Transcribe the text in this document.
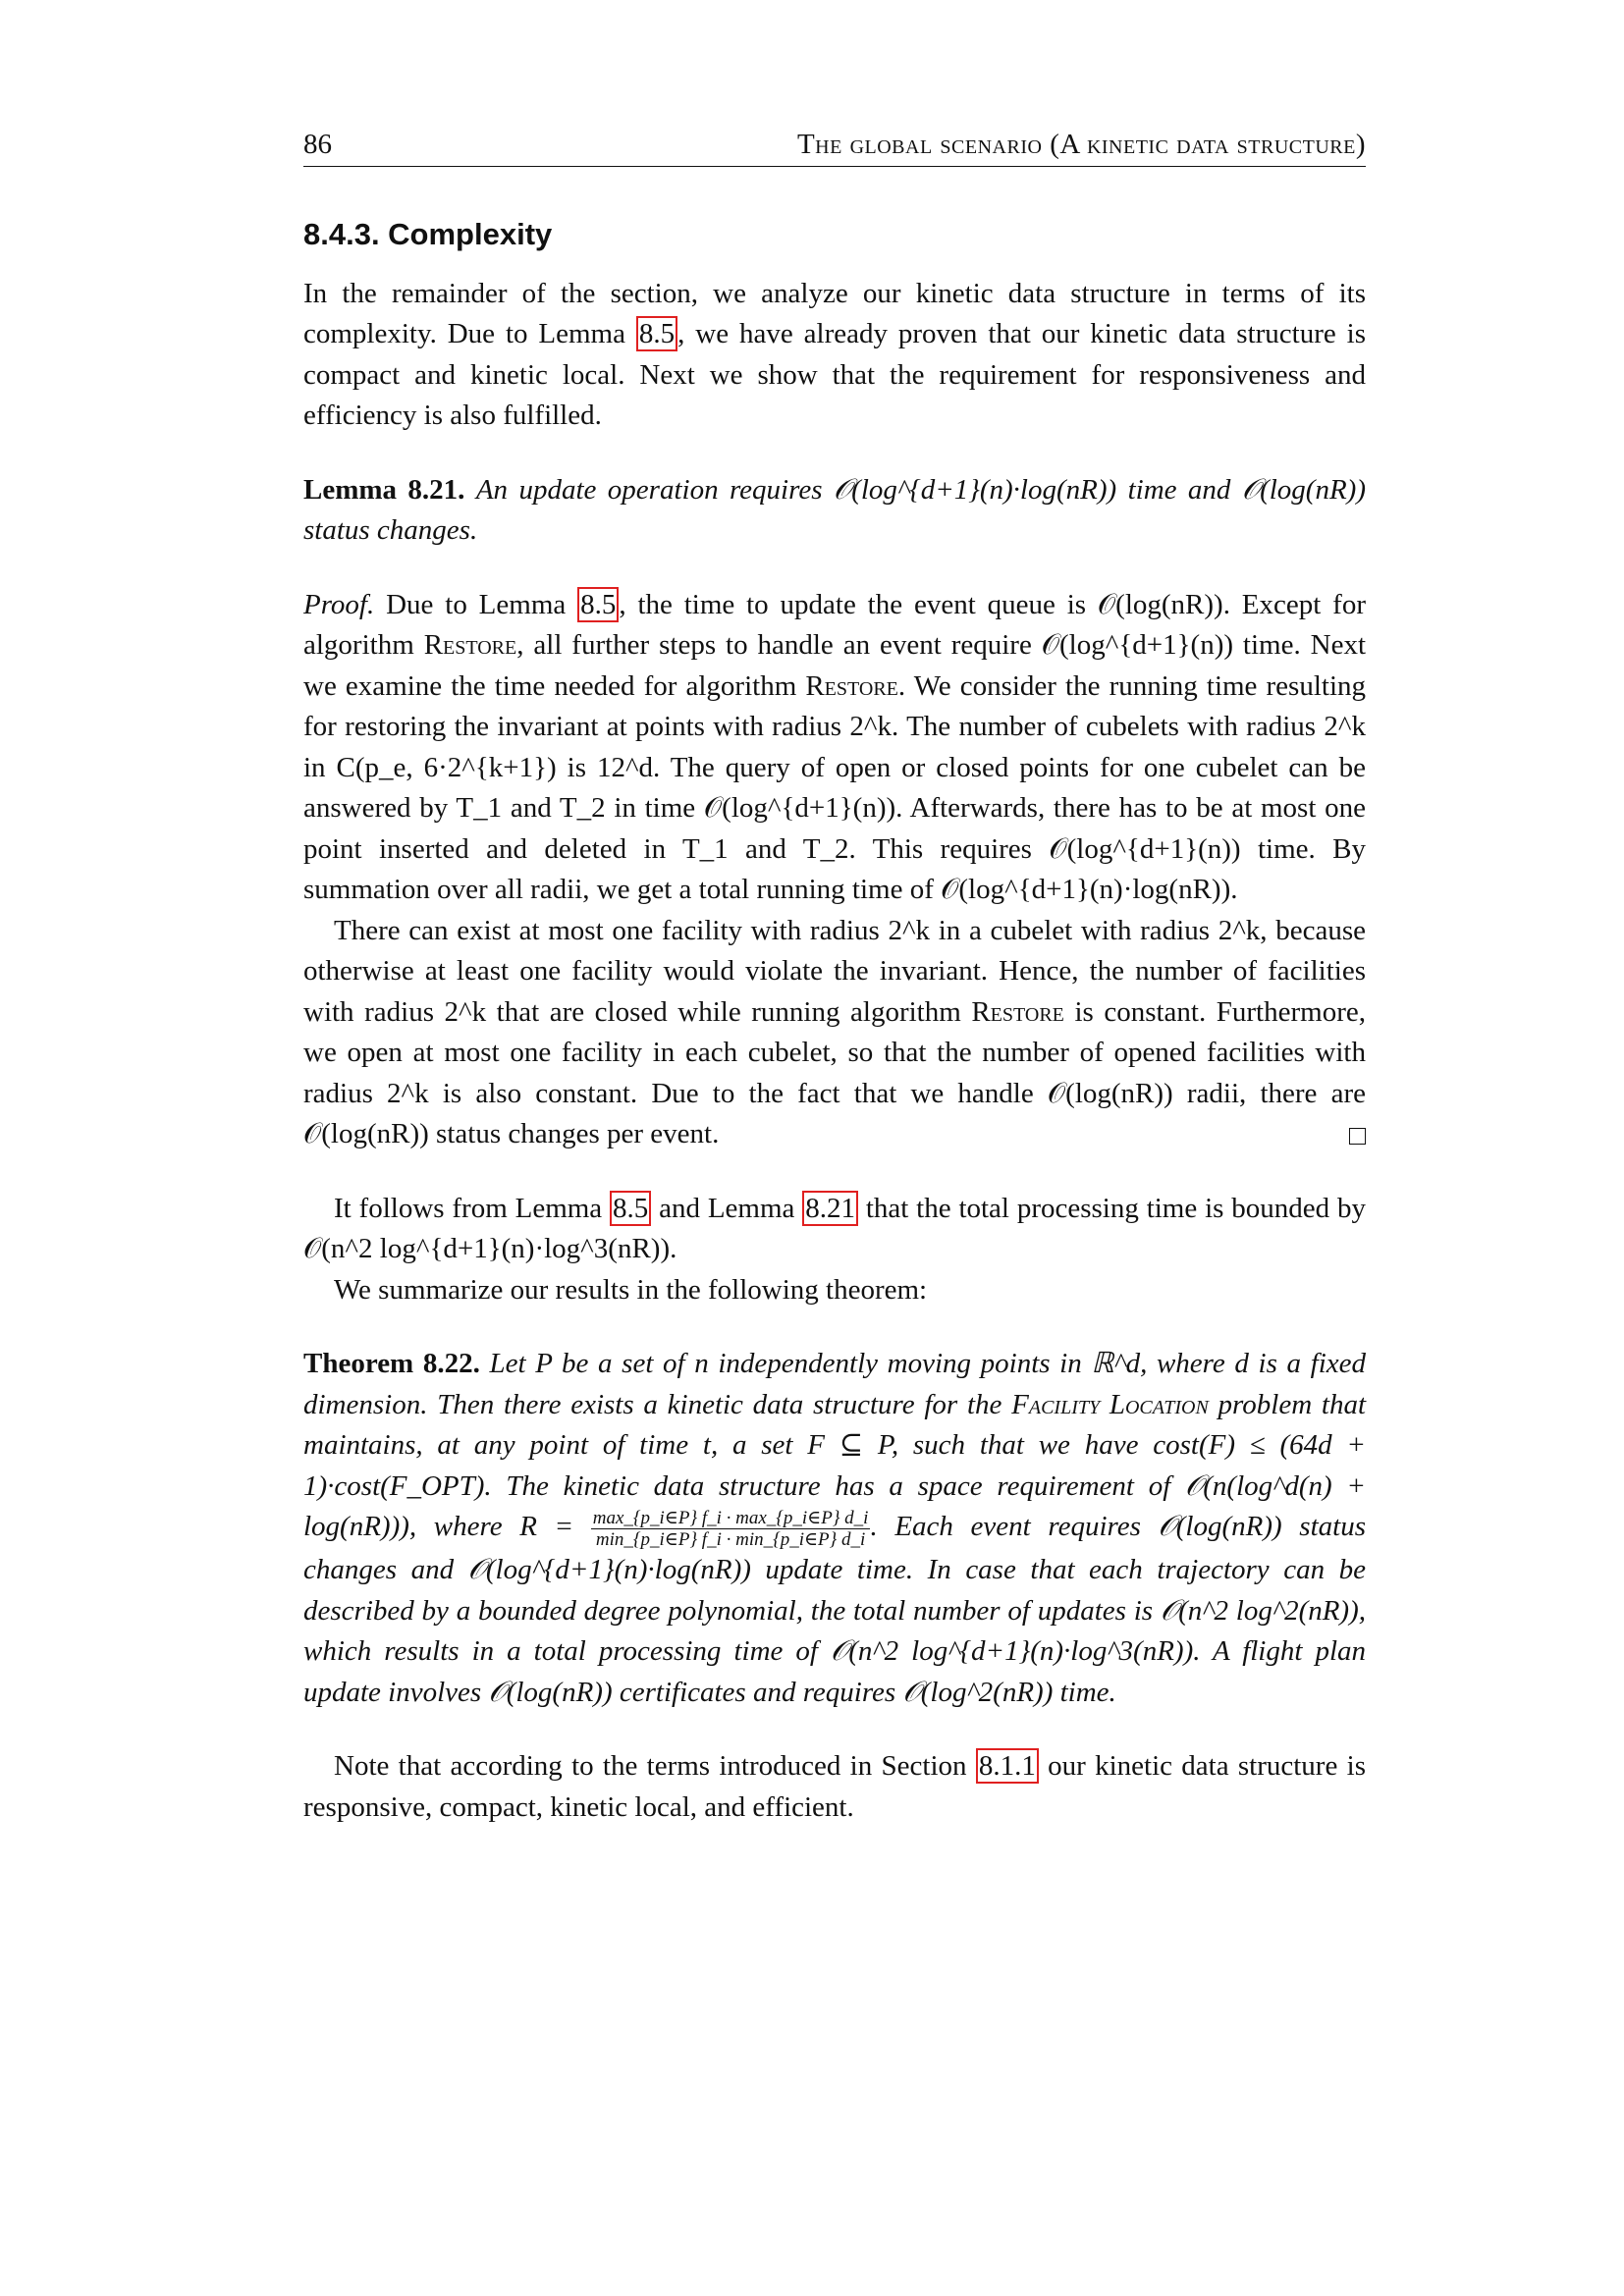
86	The global scenario (A kinetic data structure)
8.4.3. Complexity

In the remainder of the section, we analyze our kinetic data structure in terms of its complexity. Due to Lemma 8.5 , we have already proven that our kinetic data structure is compact and kinetic local. Next we show that the requirement for responsiveness and efficiency is also fulfilled.

Lemma 8.21. An update operation requires 𝒪(log^{d+1}(n)·log(nR)) time and 𝒪(log(nR)) status changes.

Proof. Due to Lemma 8.5 , the time to update the event queue is 𝒪(log(nR)). Except for algorithm Restore, all further steps to handle an event require 𝒪(log^{d+1}(n)) time. Next we examine the time needed for algorithm Restore. We consider the running time resulting for restoring the invariant at points with radius 2^k. The number of cubelets with radius 2^k in C(p_e, 6·2^{k+1}) is 12^d. The query of open or closed points for one cubelet can be answered by T_1 and T_2 in time 𝒪(log^{d+1}(n)). Afterwards, there has to be at most one point inserted and deleted in T_1 and T_2. This requires 𝒪(log^{d+1}(n)) time. By summation over all radii, we get a total running time of 𝒪(log^{d+1}(n)·log(nR)).

There can exist at most one facility with radius 2^k in a cubelet with radius 2^k, because otherwise at least one facility would violate the invariant. Hence, the number of facilities with radius 2^k that are closed while running algorithm Restore is constant. Furthermore, we open at most one facility in each cubelet, so that the number of opened facilities with radius 2^k is also constant. Due to the fact that we handle 𝒪(log(nR)) radii, there are 𝒪(log(nR)) status changes per event.

It follows from Lemma 8.5 and Lemma 8.21 that the total processing time is bounded by 𝒪(n^2 log^{d+1}(n)·log^3(nR)).

We summarize our results in the following theorem:

Theorem 8.22. Let P be a set of n independently moving points in ℝ^d, where d is a fixed dimension. Then there exists a kinetic data structure for the Facility Location problem that maintains, at any point of time t, a set F ⊆ P, such that we have cost(F) ≤ (64d + 1)·cost(F_OPT). The kinetic data structure has a space requirement of 𝒪(n(log^d(n) + log(nR))), where $R = \frac{\max\_\{p\_i\in P\} f\_i \cdot \max\_\{p\_i\in P\} d\_i}{\min\_\{p\_i\in P\} f\_i \cdot \min\_\{p\_i\in P\} d\_i}$ . Each event requires 𝒪(log(nR)) status changes and 𝒪(log^{d+1}(n)·log(nR)) update time. In case that each trajectory can be described by a bounded degree polynomial, the total number of updates is 𝒪(n^2 log^2(nR)), which results in a total processing time of 𝒪(n^2 log^{d+1}(n)·log^3(nR)). A flight plan update involves 𝒪(log(nR)) certificates and requires 𝒪(log^2(nR)) time.

Note that according to the terms introduced in Section 8.1.1 our kinetic data structure is responsive, compact, kinetic local, and efficient.
